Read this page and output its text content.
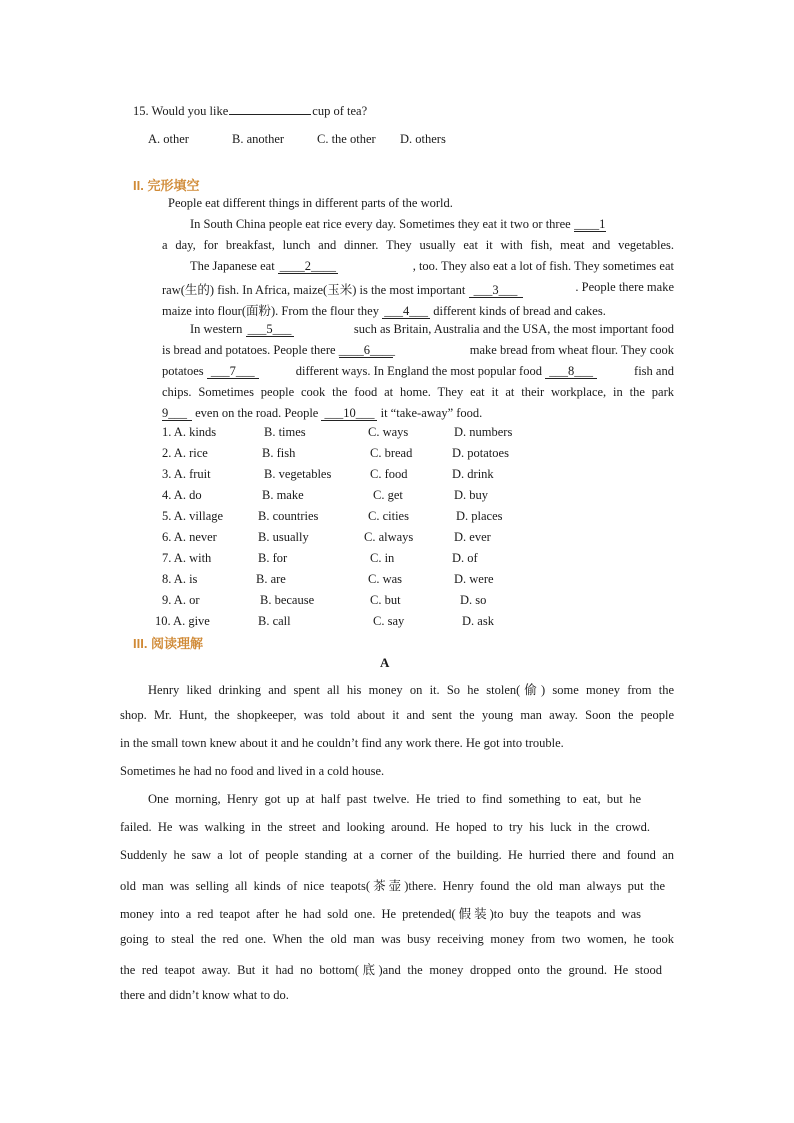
15. Would you like	cup of tea?
A. other	B. another	C. the other D. others
II. 完形填空
People eat different things in different parts of the world.
In South China people eat rice every day. Sometimes they eat it two or three ____1
a day, for breakfast, lunch and dinner. They usually eat it with fish, meat and vegetables.
The Japanese eat ____2____	, too. They also eat a lot of fish. They sometimes eat
raw(生的) fish. In Africa, maize(玉米) is the most important ___3___	. People there make
maize into flour(面粉). From the flour they ___4___ different kinds of bread and cakes.
In western ___5___	such as Britain, Australia and the USA, the most important food
is bread and potatoes. People there ____6____	make bread from wheat flour. They cook
potatoes ___7___	different ways. In England the most popular food ___8___	fish and
chips. Sometimes people cook the food at home. They eat it at their workplace, in the park
9___ even on the road. People ___10___ it “take-away” food.
1. A. kinds	B. times	C. ways	D. numbers
2. A. rice	B. fish	C. bread	D. potatoes
3. A. fruit	B. vegetables	C. food	D. drink
4. A. do	B. make	C. get	D. buy
5. A. village	B. countries	C. cities	D. places
6. A. never	B. usually	C. always	D. ever
7. A. with	B. for	C. in	D. of
8. A. is	B. are	C. was	D. were
9. A. or	B. because	C. but	D. so
10. A. give	B. call	C. say	D. ask
III. 阅读理解
A
Henry liked drinking and spent all his money on it. So he stolen(偷) some money from the
shop. Mr. Hunt, the shopkeeper, was told about it and sent the young man away. Soon the people
in the small town knew about it and he couldn’t find any work there. He got into trouble.
Sometimes he had no food and lived in a cold house.
One morning, Henry got up at half past twelve. He tried to find something to eat, but he
failed. He was walking in the street and looking around. He hoped to try his luck in the crowd.
Suddenly he saw a lot of people standing at a corner of the building. He hurried there and found an
old man was selling all kinds of nice teapots(茶壶)there. Henry found the old man always put the
money into a red teapot after he had sold one. He pretended(假装)to buy the teapots and was
going to steal the red one. When the old man was busy receiving money from two women, he took
the red teapot away. But it had no bottom(底)and the money dropped onto the ground. He stood
there and didn’t know what to do.
